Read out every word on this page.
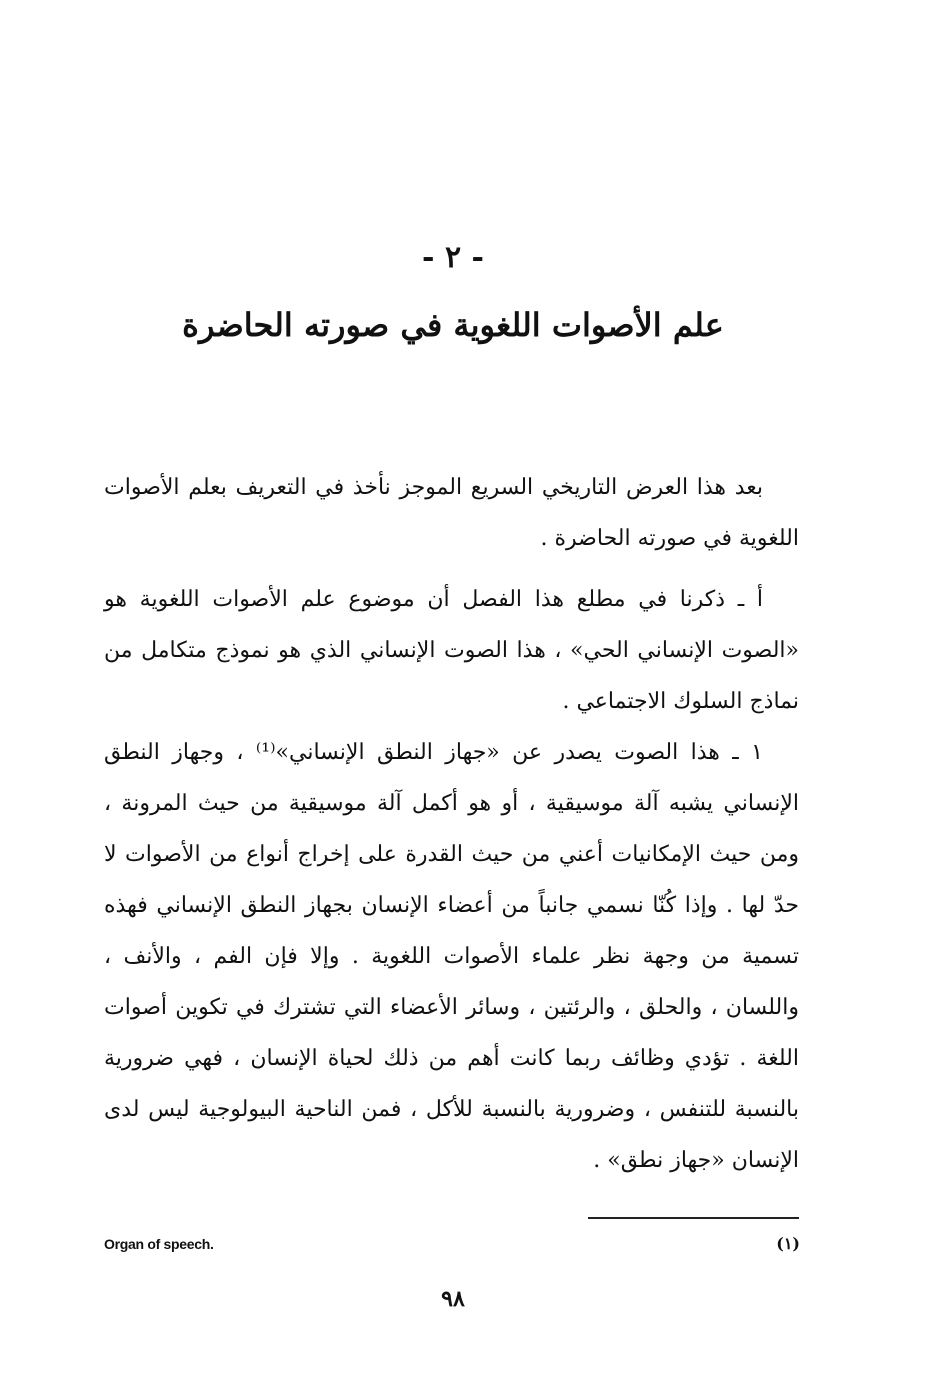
- ٢ -
علم الأصوات اللغوية في صورته الحاضرة

بعد هذا العرض التاريخي السريع الموجز نأخذ في التعريف بعلم الأصوات اللغوية في صورته الحاضرة .

أ ـ ذكرنا في مطلع هذا الفصل أن موضوع علم الأصوات اللغوية هو «الصوت الإنساني الحي» ، هذا الصوت الإنساني الذي هو نموذج متكامل من نماذج السلوك الاجتماعي .

١ ـ هذا الصوت يصدر عن «جهاز النطق الإنساني»⁽¹⁾ ، وجهاز النطق الإنساني يشبه آلة موسيقية ، أو هو أكمل آلة موسيقية من حيث المرونة ، ومن حيث الإمكانيات أعني من حيث القدرة على إخراج أنواع من الأصوات لا حدّ لها . وإذا كُنّا نسمي جانباً من أعضاء الإنسان بجهاز النطق الإنساني فهذه تسمية من وجهة نظر علماء الأصوات اللغوية . وإلا فإن الفم ، والأنف ، واللسان ، والحلق ، والرئتين ، وسائر الأعضاء التي تشترك في تكوين أصوات اللغة . تؤدي وظائف ربما كانت أهم من ذلك لحياة الإنسان ، فهي ضرورية بالنسبة للتنفس ، وضرورية بالنسبة للأكل ، فمن الناحية البيولوجية ليس لدى الإنسان «جهاز نطق» .

(١)
Organ of speech.
٩٨
